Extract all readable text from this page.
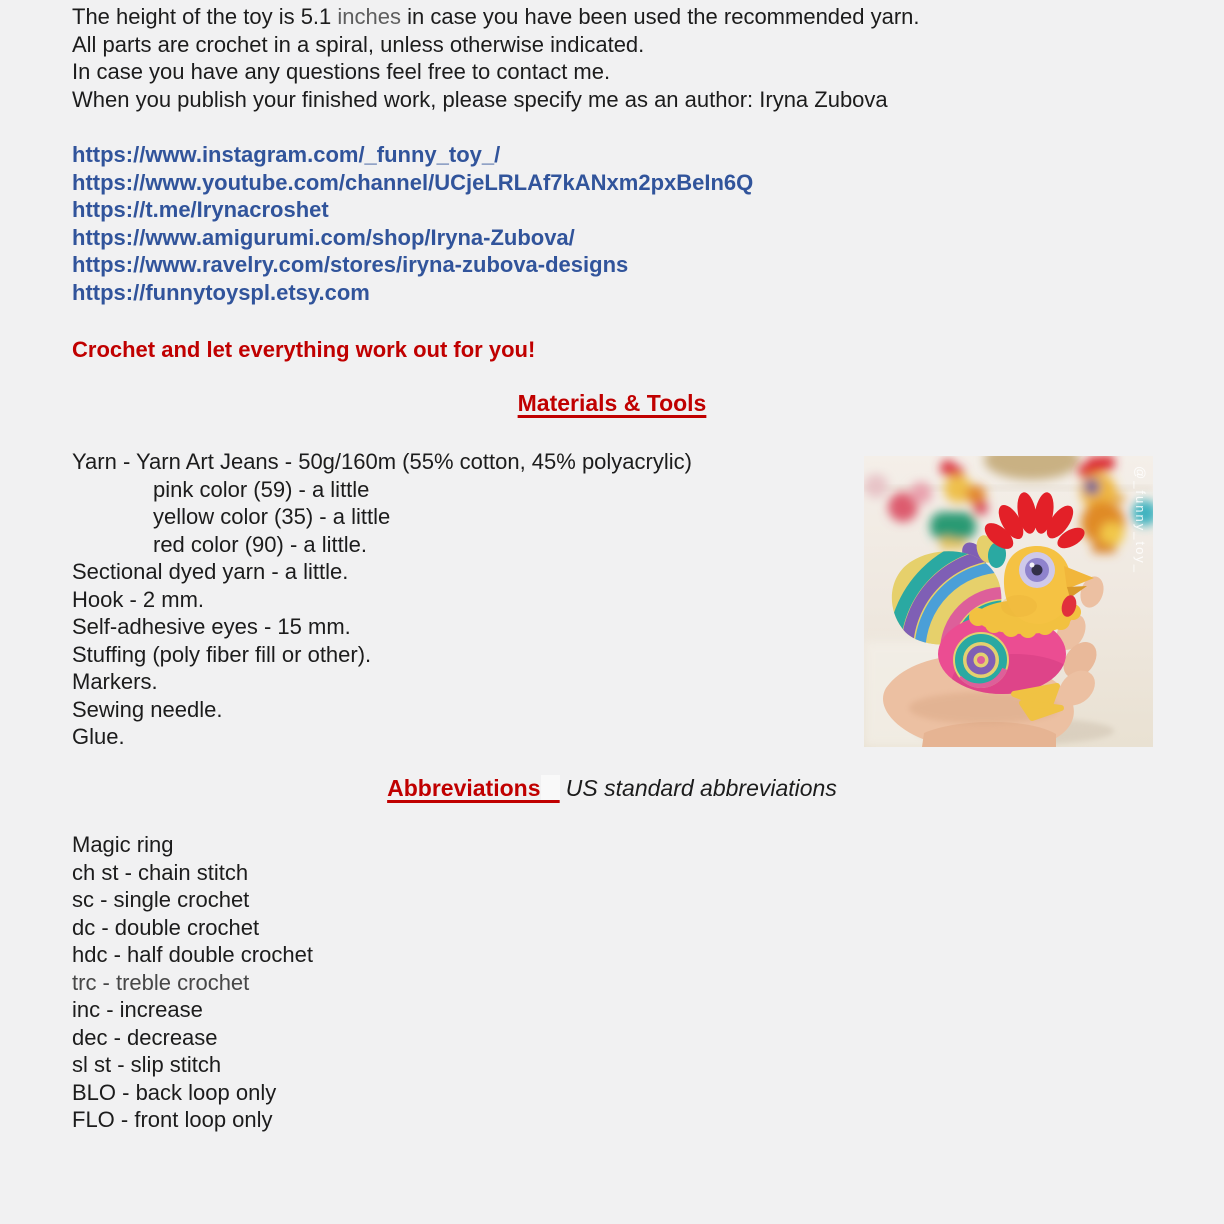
The height of the toy is 5.1 inches in case you have been used the recommended yarn.
All parts are crochet in a spiral, unless otherwise indicated.
In case you have any questions feel free to contact me.
When you publish your finished work, please specify me as an author: Iryna Zubova
https://www.instagram.com/_funny_toy_/
https://www.youtube.com/channel/UCjeLRLAf7kANxm2pxBeIn6Q
https://t.me/Irynacroshet
https://www.amigurumi.com/shop/Iryna-Zubova/
https://www.ravelry.com/stores/iryna-zubova-designs
https://funnytoyspl.etsy.com
Crochet and let everything work out for you!
Materials & Tools
Yarn - Yarn Art Jeans - 50g/160m (55% cotton, 45% polyacrylic)
pink color (59) - a little
yellow color (35) - a little
red color (90) - a little.
Sectional dyed yarn - a little.
Hook - 2 mm.
Self-adhesive eyes - 15 mm.
Stuffing (poly fiber fill or other).
Markers.
Sewing needle.
Glue.
Abbreviations US standard abbreviations
Magic ring
ch st - chain stitch
sc - single crochet
dc - double crochet
hdc - half double crochet
trc - treble crochet
inc - increase
dec - decrease
sl st - slip stitch
BLO - back loop only
FLO - front loop only
@_funny_toy_
